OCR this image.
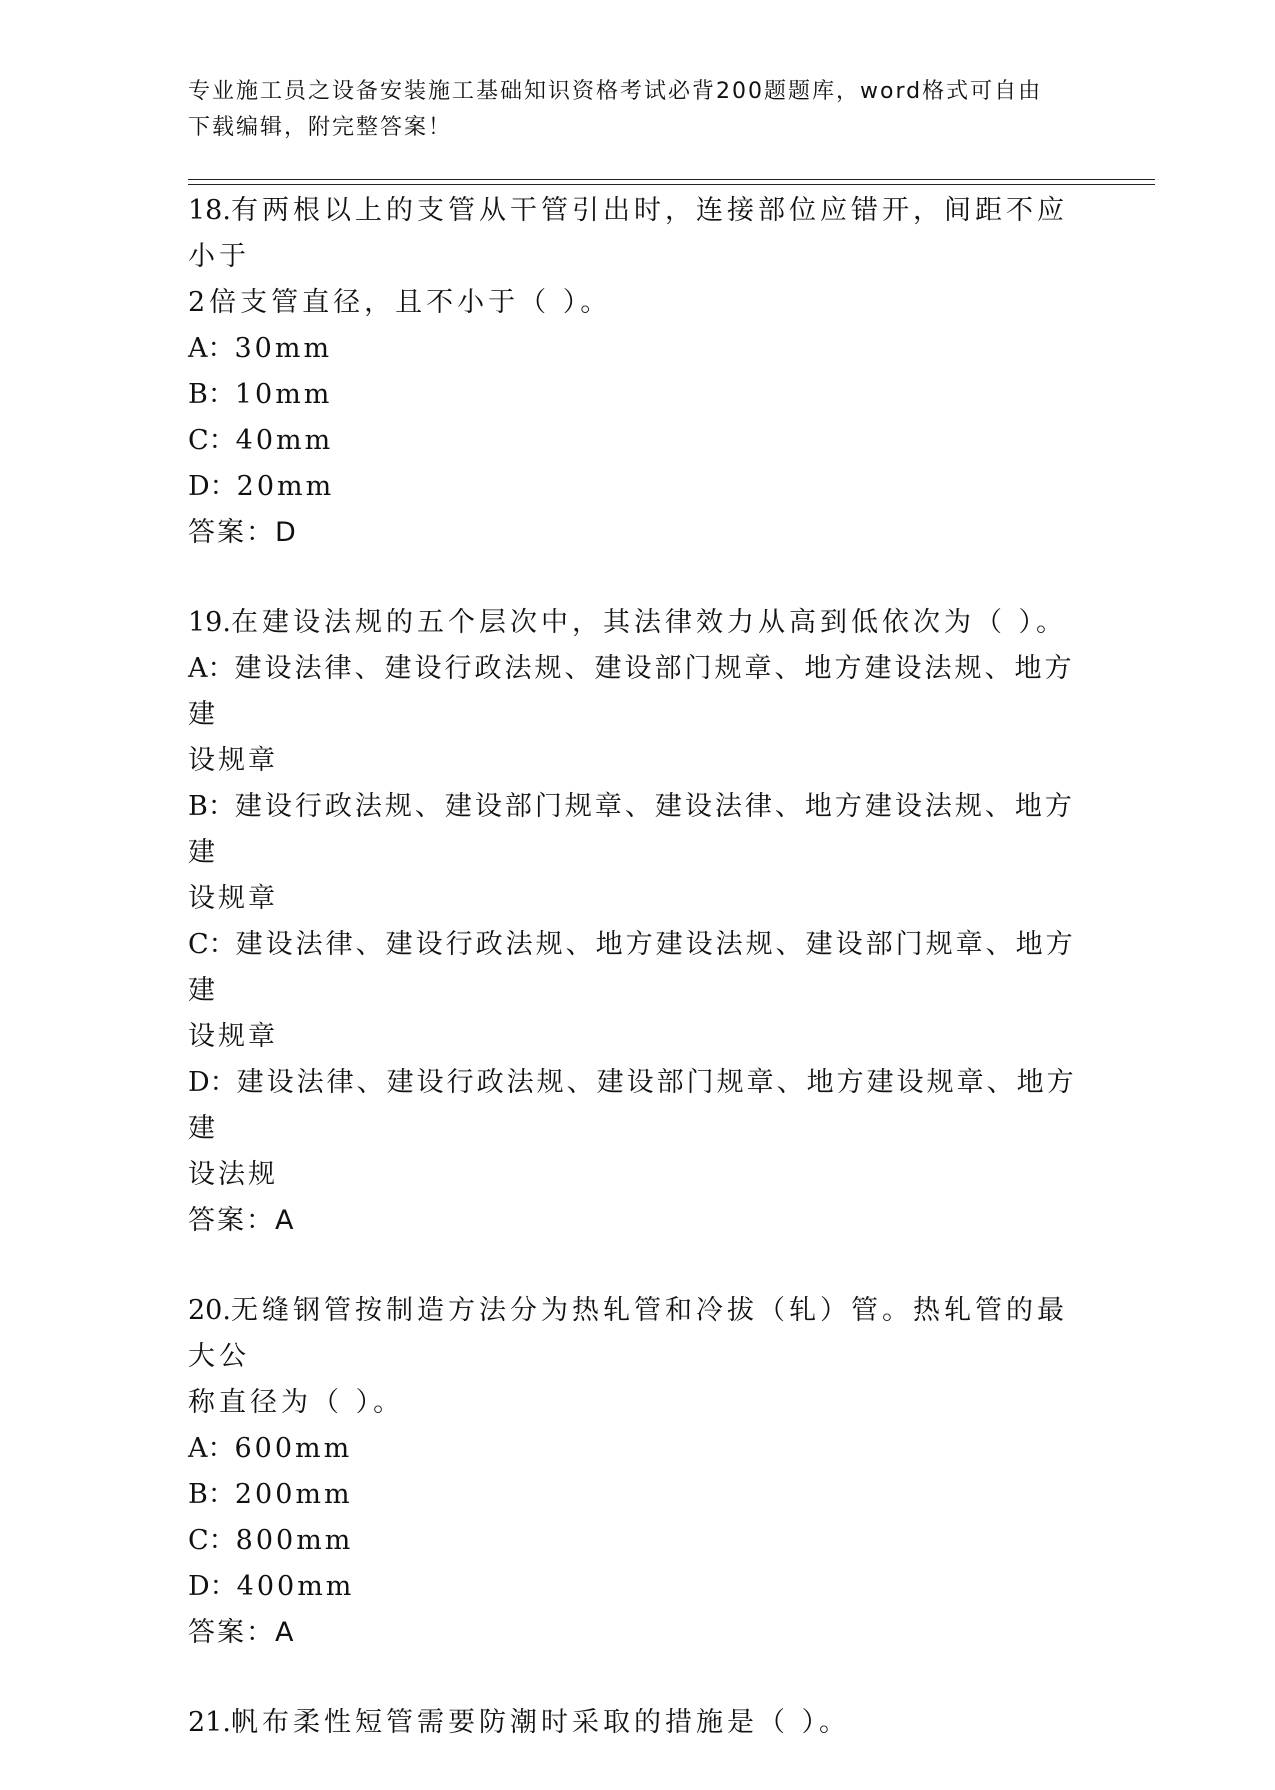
专业施工员之设备安装施工基础知识资格考试必背200题题库，word格式可自由
下载编辑，附完整答案！

18.有两根以上的支管从干管引出时，连接部位应错开，间距不应小于

2倍支管直径，且不小于（ ）。

A：30mm

B：10mm

C：40mm

D：20mm

答案：D

19.在建设法规的五个层次中，其法律效力从高到低依次为（ ）。

A：建设法律、建设行政法规、建设部门规章、地方建设法规、地方建

设规章

B：建设行政法规、建设部门规章、建设法律、地方建设法规、地方建

设规章

C：建设法律、建设行政法规、地方建设法规、建设部门规章、地方建

设规章

D：建设法律、建设行政法规、建设部门规章、地方建设规章、地方建

设法规

答案：A

20.无缝钢管按制造方法分为热轧管和冷拔（轧）管。热轧管的最大公

称直径为（ ）。

A：600mm

B：200mm

C：800mm

D：400mm

答案：A

21.帆布柔性短管需要防潮时采取的措施是（ ）。
